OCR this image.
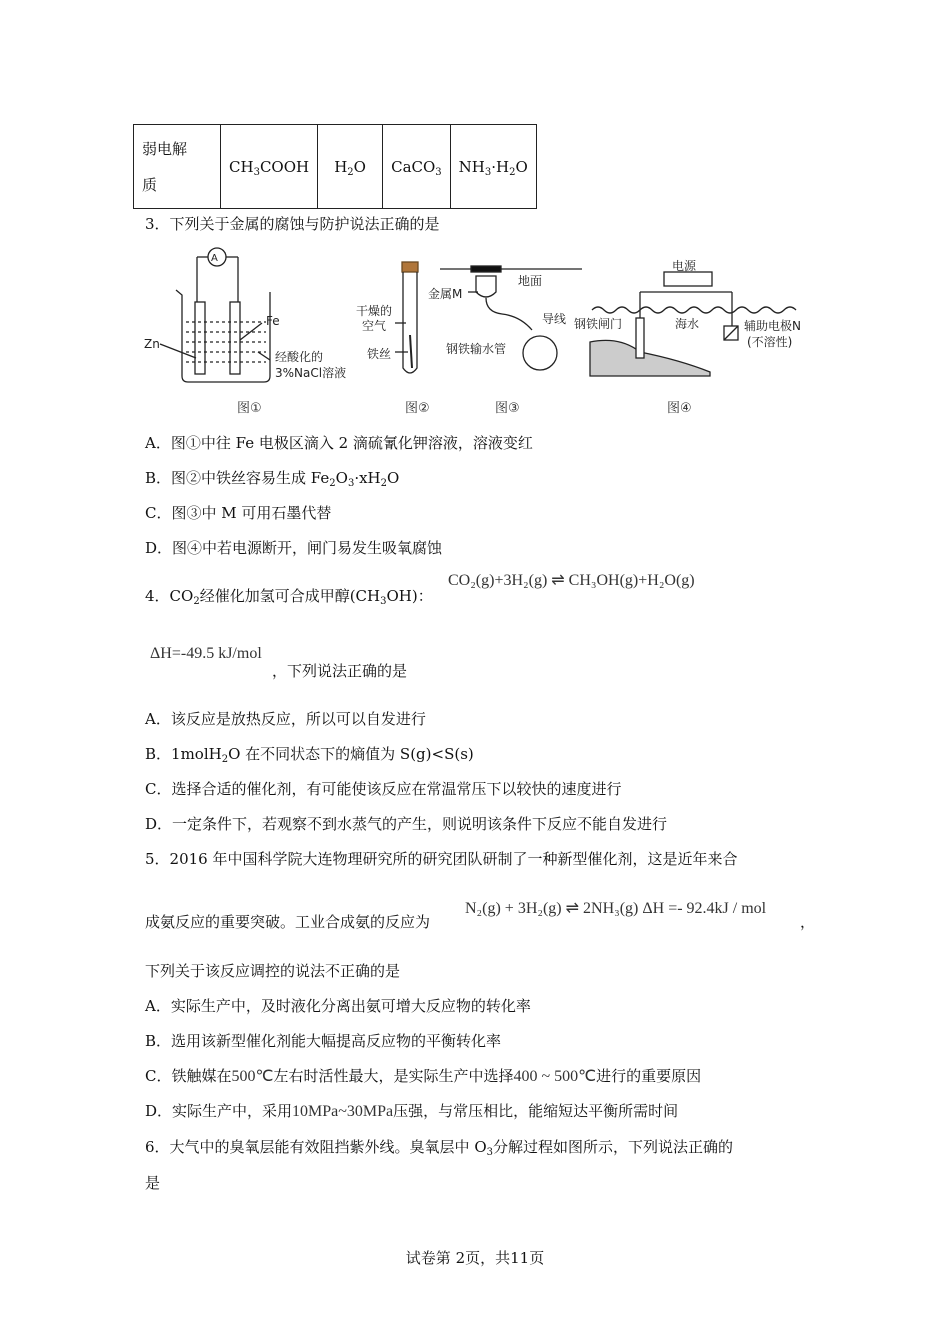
弱电解
质	$CH_3COOH$	$H_2O$	CaCO$_3$	$NH_3\cdot H_2O$
3．下列关于金属的腐蚀与防护说法正确的是
A
Zn
Fe
经酸化的
3%NaCl溶液
图①
干燥的
空气
铁丝
图②
地面
金属M
导线
钢铁输水管
图③
电源
钢铁闸门	海水	辅助电极N
(不溶性)
图④
A．图①中往 Fe 电极区滴入 2 滴硫氰化钾溶液，溶液变红
B．图②中铁丝容易生成 $Fe_2O_3\cdot xH_2O$
C．图③中 M 可用石墨代替
D．图④中若电源断开，闸门易发生吸氧腐蚀
4．$CO_2$经催化加氢可合成甲醇$(CH_3OH)$：
CO₂(g)+3H₂(g) ⇌ CH₃OH(g)+H₂O(g)
ΔH=-49.5 kJ/mol
，下列说法正确的是
A．该反应是放热反应，所以可以自发进行
B．1molH$_2$O 在不同状态下的熵值为 S(g)<S(s)
C．选择合适的催化剂，有可能使该反应在常温常压下以较快的速度进行
D．一定条件下，若观察不到水蒸气的产生，则说明该条件下反应不能自发进行
5．2016 年中国科学院大连物理研究所的研究团队研制了一种新型催化剂，这是近年来合
成氨反应的重要突破。工业合成氨的反应为
N₂(g) + 3H₂(g) ⇌ 2NH₃(g) ΔH =- 92.4kJ / mol
，
下列关于该反应调控的说法不正确的是
A．实际生产中，及时液化分离出氨可增大反应物的转化率
B．选用该新型催化剂能大幅提高反应物的平衡转化率
C．铁触媒在500℃左右时活性最大，是实际生产中选择400 ~ 500℃进行的重要原因
D．实际生产中，采用10MPa~30MPa压强，与常压相比，能缩短达平衡所需时间
6．大气中的臭氧层能有效阻挡紫外线。臭氧层中 $O_3$分解过程如图所示，下列说法正确的
是
试卷第 2页，共11页
